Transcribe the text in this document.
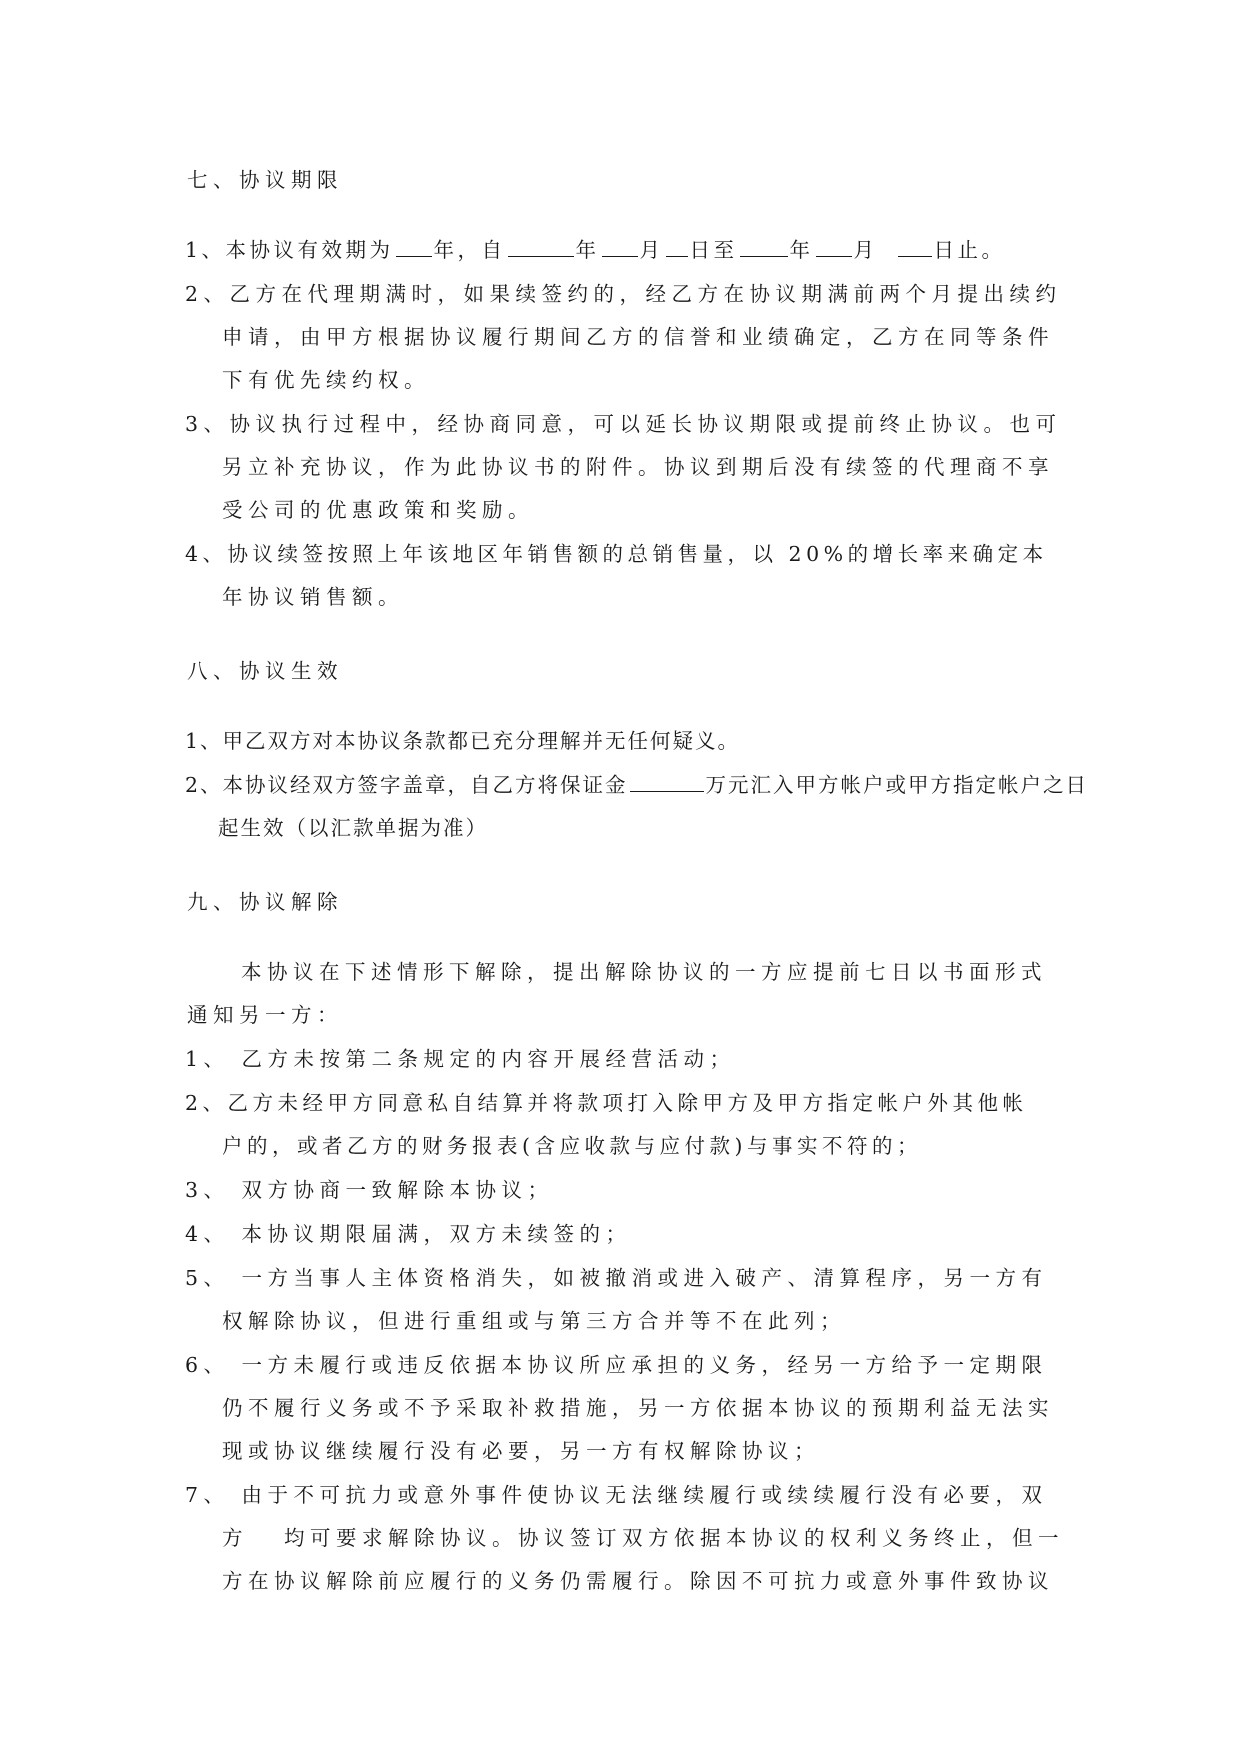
七、协议期限

1、本协议有效期为 年，自	年 月 日至	年 月	日止。

2、乙方在代理期满时，如果续签约的，经乙方在协议期满前两个月提出续约

申请，由甲方根据协议履行期间乙方的信誉和业绩确定，乙方在同等条件

下有优先续约权。

3、协议执行过程中，经协商同意，可以延长协议期限或提前终止协议。也可

另立补充协议，作为此协议书的附件。协议到期后没有续签的代理商不享

受公司的优惠政策和奖励。

4、协议续签按照上年该地区年销售额的总销售量，以 20%的增长率来确定本

年协议销售额。

八、协议生效

1、甲乙双方对本协议条款都已充分理解并无任何疑义。

2、本协议经双方签字盖章，自乙方将保证金	万元汇入甲方帐户或甲方指定帐户之日

起生效（以汇款单据为准）

九、协议解除

本协议在下述情形下解除，提出解除协议的一方应提前七日以书面形式

通知另一方：

1、 乙方未按第二条规定的内容开展经营活动；

2、乙方未经甲方同意私自结算并将款项打入除甲方及甲方指定帐户外其他帐

户的，或者乙方的财务报表(含应收款与应付款)与事实不符的；

3、 双方协商一致解除本协议；

4、 本协议期限届满，双方未续签的；

5、 一方当事人主体资格消失，如被撤消或进入破产、清算程序，另一方有

权解除协议，但进行重组或与第三方合并等不在此列；

6、 一方未履行或违反依据本协议所应承担的义务，经另一方给予一定期限

仍不履行义务或不予采取补救措施，另一方依据本协议的预期利益无法实

现或协议继续履行没有必要，另一方有权解除协议；

7、 由于不可抗力或意外事件使协议无法继续履行或续续履行没有必要，双

方 均可要求解除协议。协议签订双方依据本协议的权利义务终止，但一

方在协议解除前应履行的义务仍需履行。除因不可抗力或意外事件致协议
